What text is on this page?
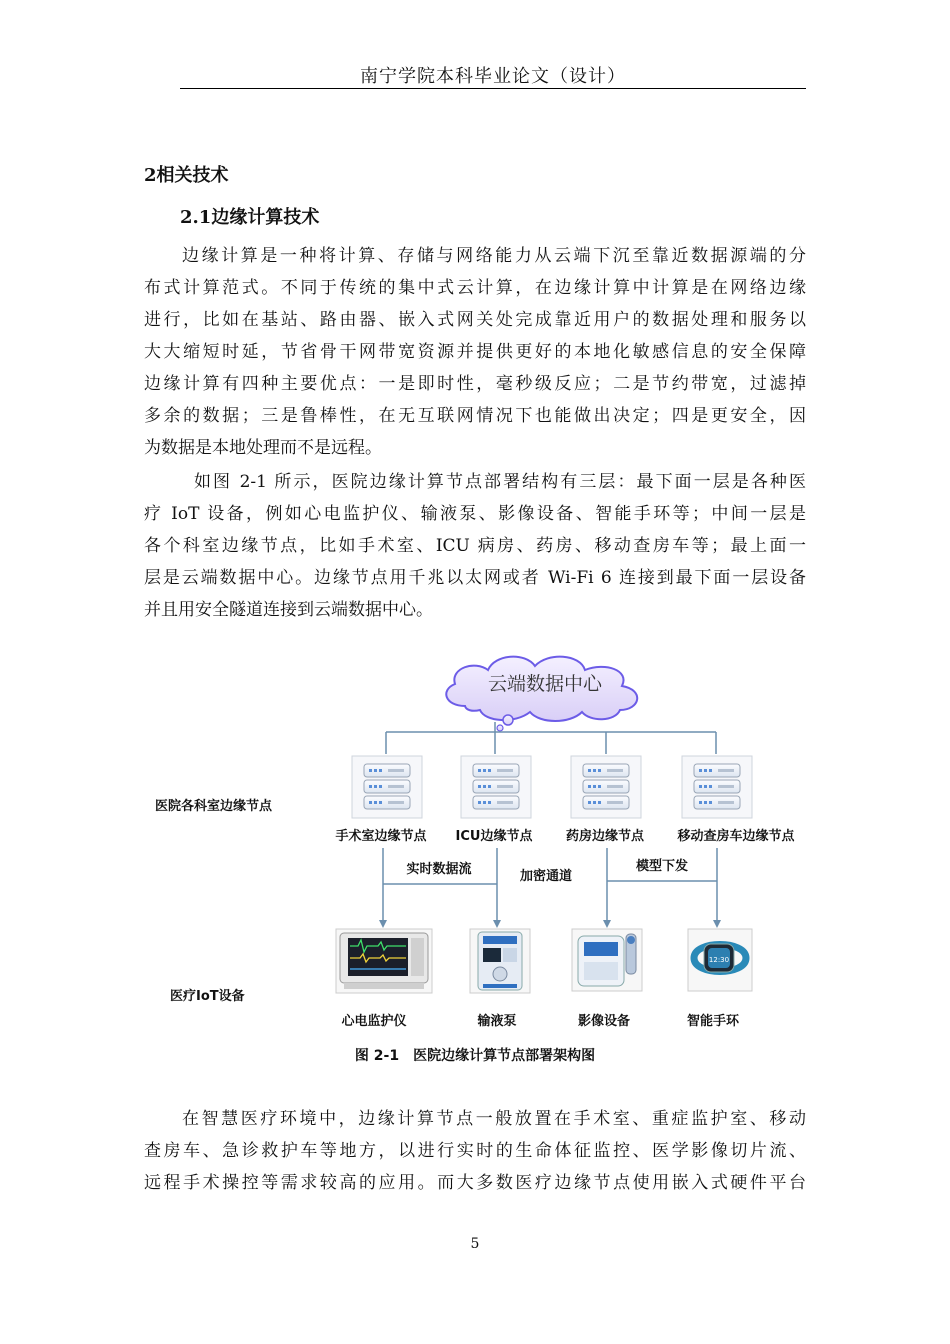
南宁学院本科毕业论文（设计）
2相关技术
2.1边缘计算技术
边缘计算是一种将计算、存储与网络能力从云端下沉至靠近数据源端的分
布式计算范式。不同于传统的集中式云计算，在边缘计算中计算是在网络边缘
进行，比如在基站、路由器、嵌入式网关处完成靠近用户的数据处理和服务以
大大缩短时延，节省骨干网带宽资源并提供更好的本地化敏感信息的安全保障
边缘计算有四种主要优点：一是即时性，毫秒级反应；二是节约带宽，过滤掉
多余的数据；三是鲁棒性，在无互联网情况下也能做出决定；四是更安全，因
为数据是本地处理而不是远程。
如图 2-1 所示，医院边缘计算节点部署结构有三层：最下面一层是各种医
疗 IoT 设备，例如心电监护仪、输液泵、影像设备、智能手环等；中间一层是
各个科室边缘节点，比如手术室、ICU 病房、药房、移动查房车等；最上面一
层是云端数据中心。边缘节点用千兆以太网或者 Wi-Fi 6 连接到最下面一层设备
并且用安全隧道连接到云端数据中心。
云端数据中心
医院各科室边缘节点
医疗IoT设备
手术室边缘节点 ICU边缘节点	药房边缘节点	移动查房车边缘节点
实时数据流	加密通道
模型下发
12:30
心电监护仪	输液泵	影像设备	智能手环
图 2-1　医院边缘计算节点部署架构图
在智慧医疗环境中，边缘计算节点一般放置在手术室、重症监护室、移动
查房车、急诊救护车等地方，以进行实时的生命体征监控、医学影像切片流、
远程手术操控等需求较高的应用。而大多数医疗边缘节点使用嵌入式硬件平台
5
